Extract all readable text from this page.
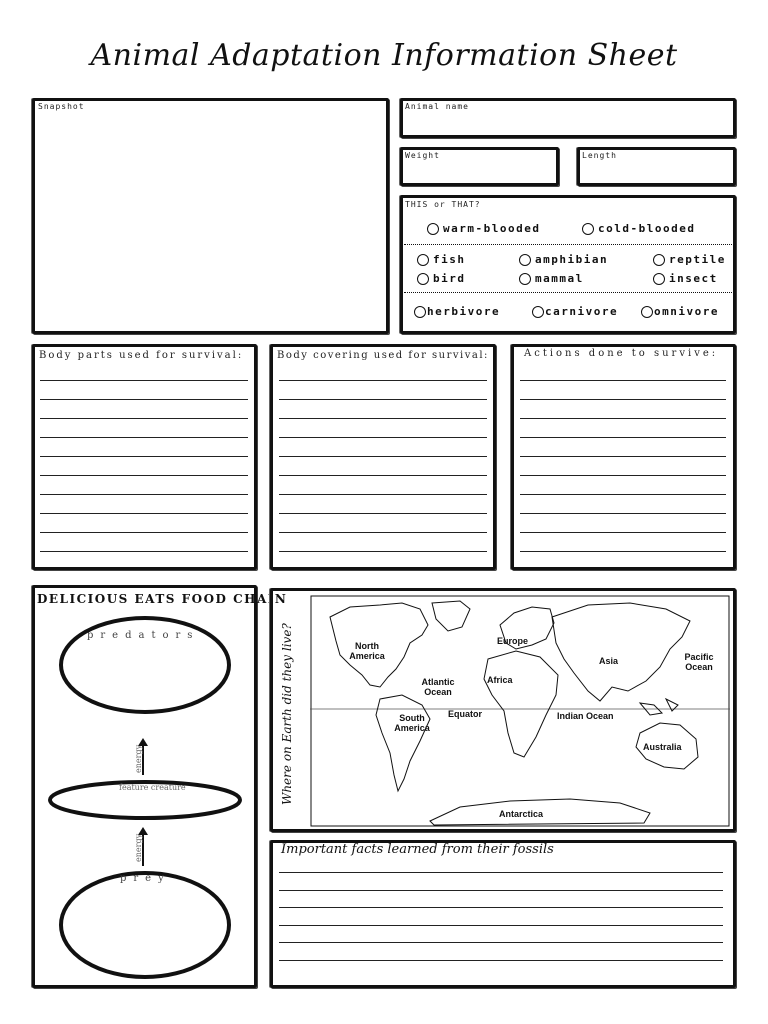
Animal Adaptation Information Sheet
Snapshot	Animal name
Weight	Length
THIS or THAT?
warm-blooded	cold-blooded
fish	amphibian	reptile
bird	mammal	insect
herbivore	carnivore	omnivore
Body parts used for survival:	Body covering used for survival:	Actions done to survive:
DELICIOUS EATS FOOD CHAIN
predators
feature creature
prey
energy
energy
Where on Earth did they live?	North America
Europe
Asia	Pacific Ocean
Atlantic Ocean
Africa
Equator
South America
Indian Ocean
Australia
Antarctica
Important facts learned from their fossils
